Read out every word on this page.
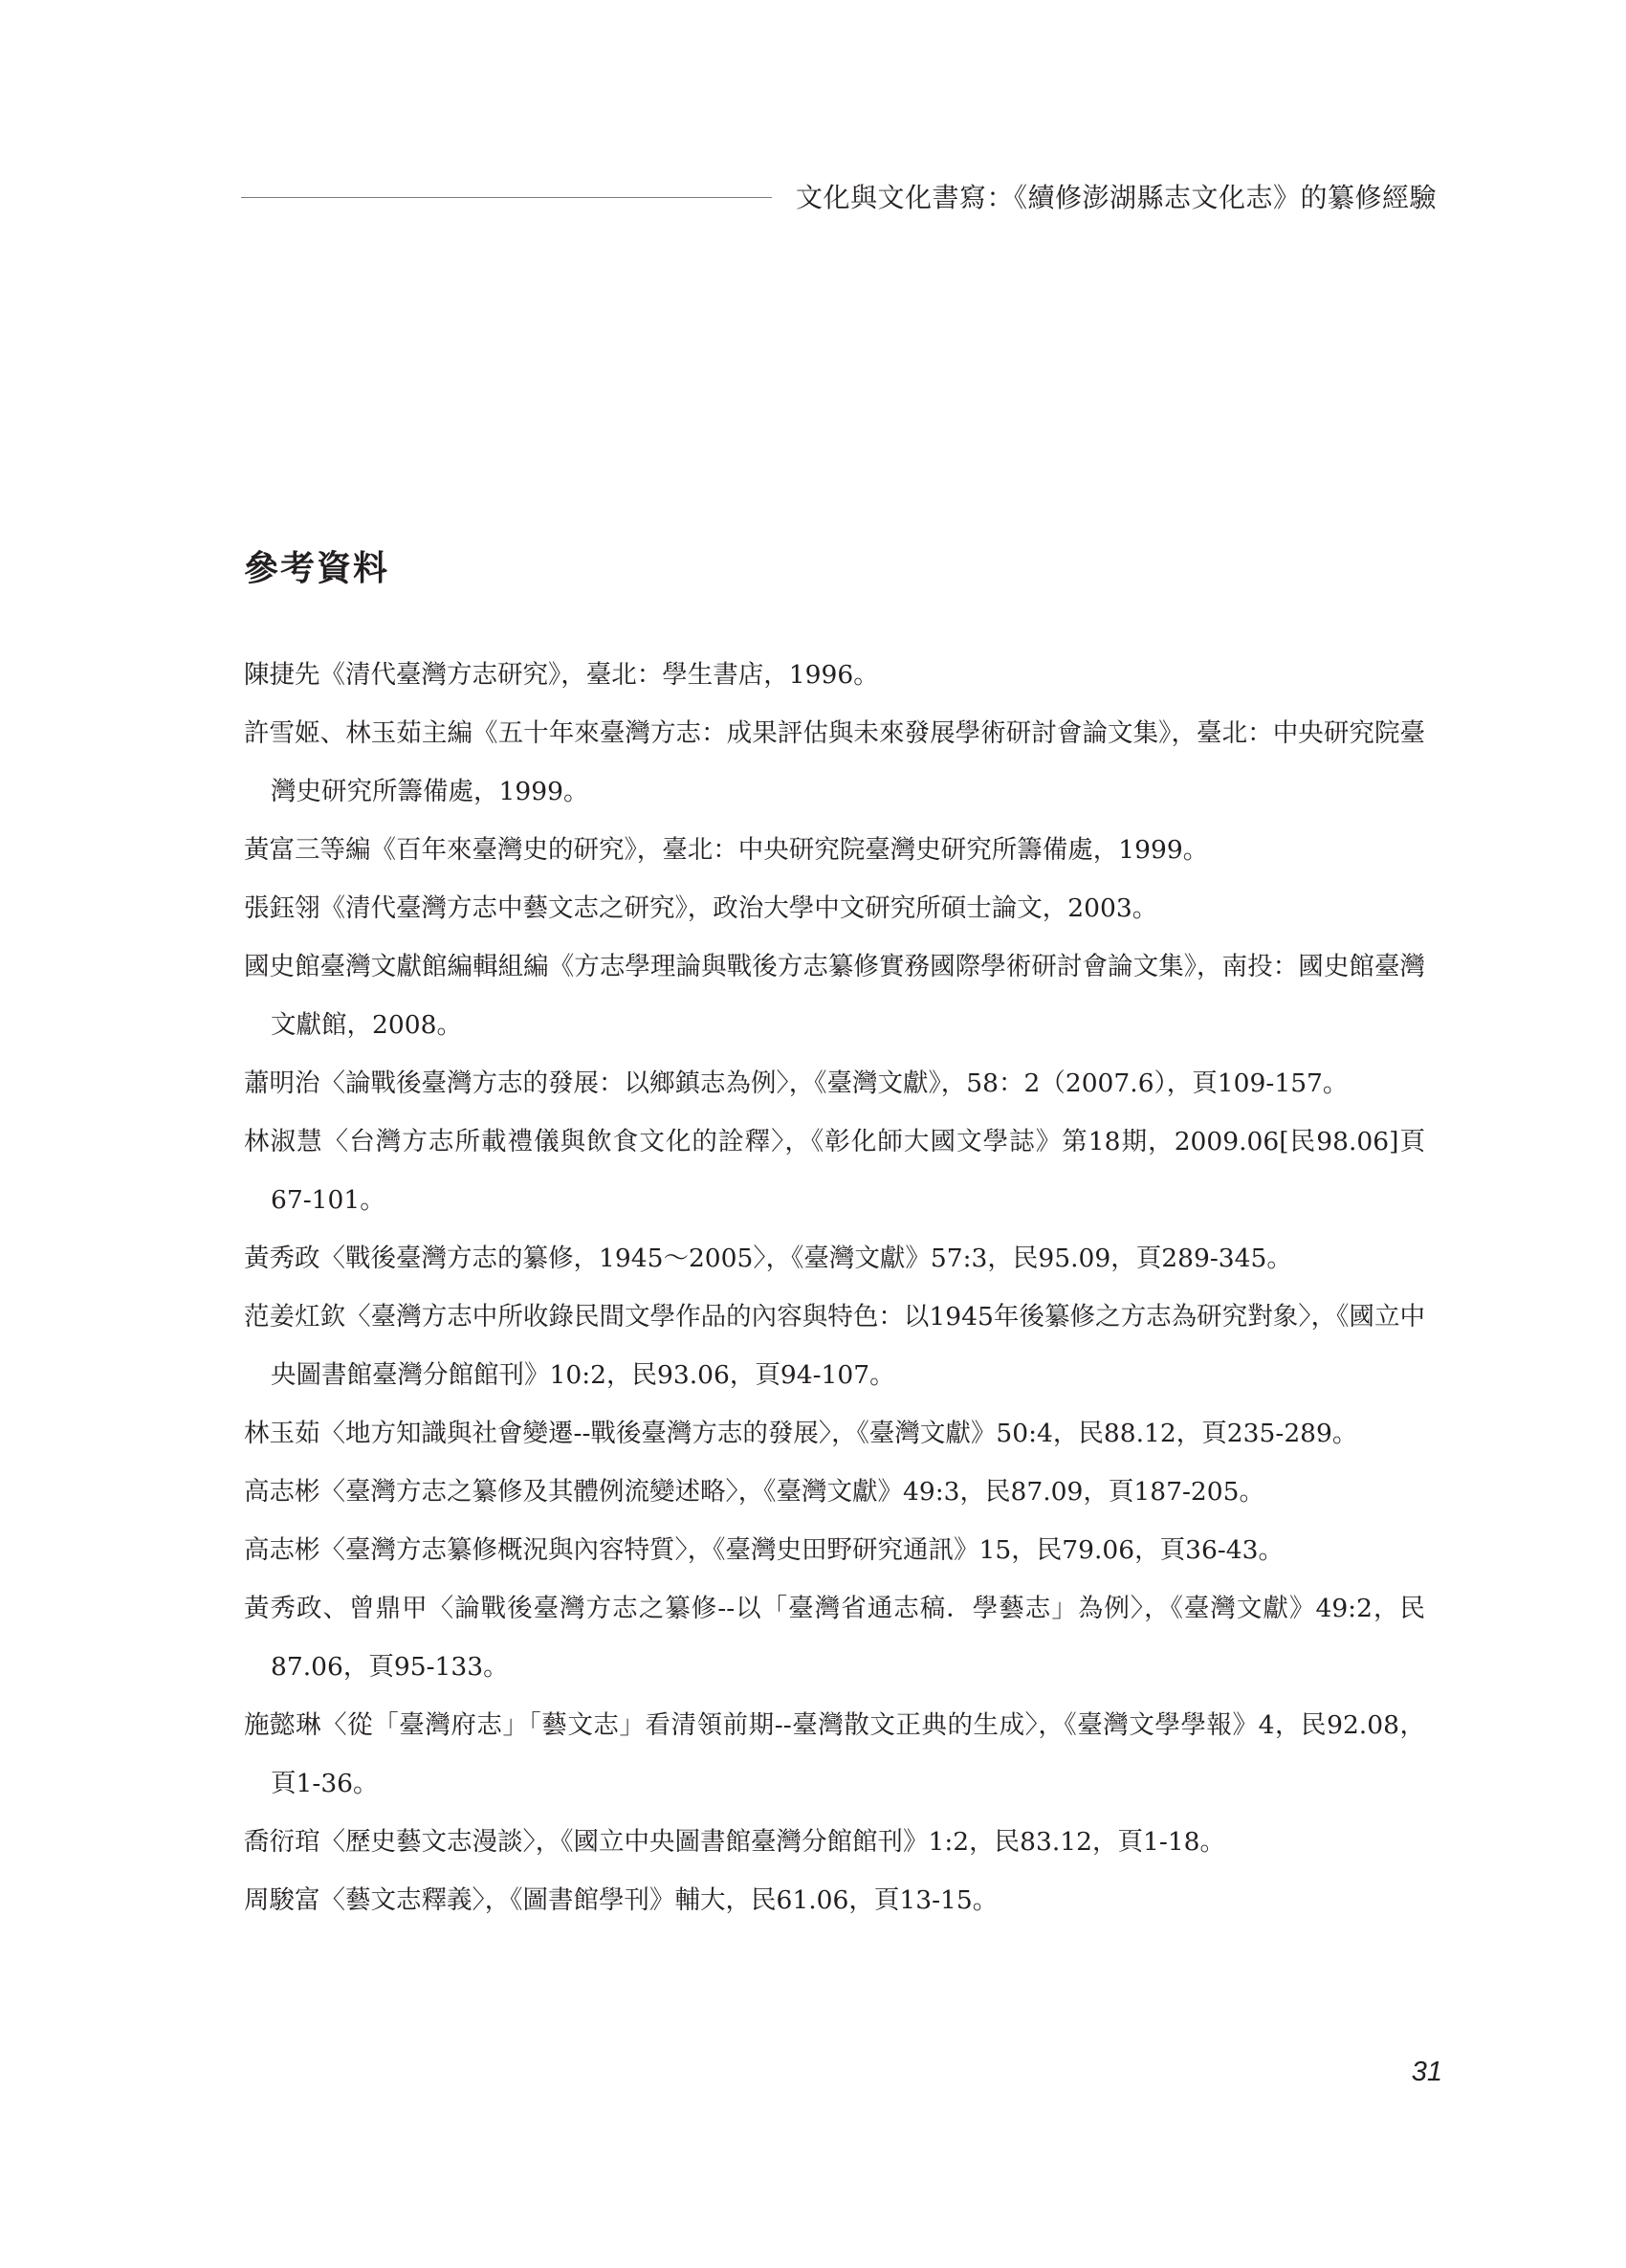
文化與文化書寫：《續修澎湖縣志文化志》的纂修經驗
參考資料
陳捷先《清代臺灣方志研究》，臺北：學生書店，1996。
許雪姬、林玉茹主編《五十年來臺灣方志：成果評估與未來發展學術研討會論文集》，臺北：中央研究院臺灣史研究所籌備處，1999。
黃富三等編《百年來臺灣史的研究》，臺北：中央研究院臺灣史研究所籌備處，1999。
張鈺翎《清代臺灣方志中藝文志之研究》，政治大學中文研究所碩士論文，2003。
國史館臺灣文獻館編輯組編《方志學理論與戰後方志纂修實務國際學術研討會論文集》，南投：國史館臺灣文獻館，2008。
蕭明治〈論戰後臺灣方志的發展：以鄉鎮志為例〉，《臺灣文獻》，58：2（2007.6），頁109-157。
林淑慧〈台灣方志所載禮儀與飲食文化的詮釋〉，《彰化師大國文學誌》第18期，2009.06[民98.06]頁67-101。
黃秀政〈戰後臺灣方志的纂修，1945～2005〉，《臺灣文獻》57:3，民95.09，頁289-345。
范姜灴欽〈臺灣方志中所收錄民間文學作品的內容與特色：以1945年後纂修之方志為研究對象〉，《國立中央圖書館臺灣分館館刊》10:2，民93.06，頁94-107。
林玉茹〈地方知識與社會變遷--戰後臺灣方志的發展〉，《臺灣文獻》50:4，民88.12，頁235-289。
高志彬〈臺灣方志之纂修及其體例流變述略〉，《臺灣文獻》49:3，民87.09，頁187-205。
高志彬〈臺灣方志纂修概況與內容特質〉，《臺灣史田野研究通訊》15，民79.06，頁36-43。
黃秀政、曾鼎甲〈論戰後臺灣方志之纂修--以「臺灣省通志稿．學藝志」為例〉，《臺灣文獻》49:2，民87.06，頁95-133。
施懿琳〈從「臺灣府志」「藝文志」看清領前期--臺灣散文正典的生成〉，《臺灣文學學報》4，民92.08，頁1-36。
喬衍琯〈歷史藝文志漫談〉，《國立中央圖書館臺灣分館館刊》1:2，民83.12，頁1-18。
周駿富〈藝文志釋義〉，《圖書館學刊》輔大，民61.06，頁13-15。
31
